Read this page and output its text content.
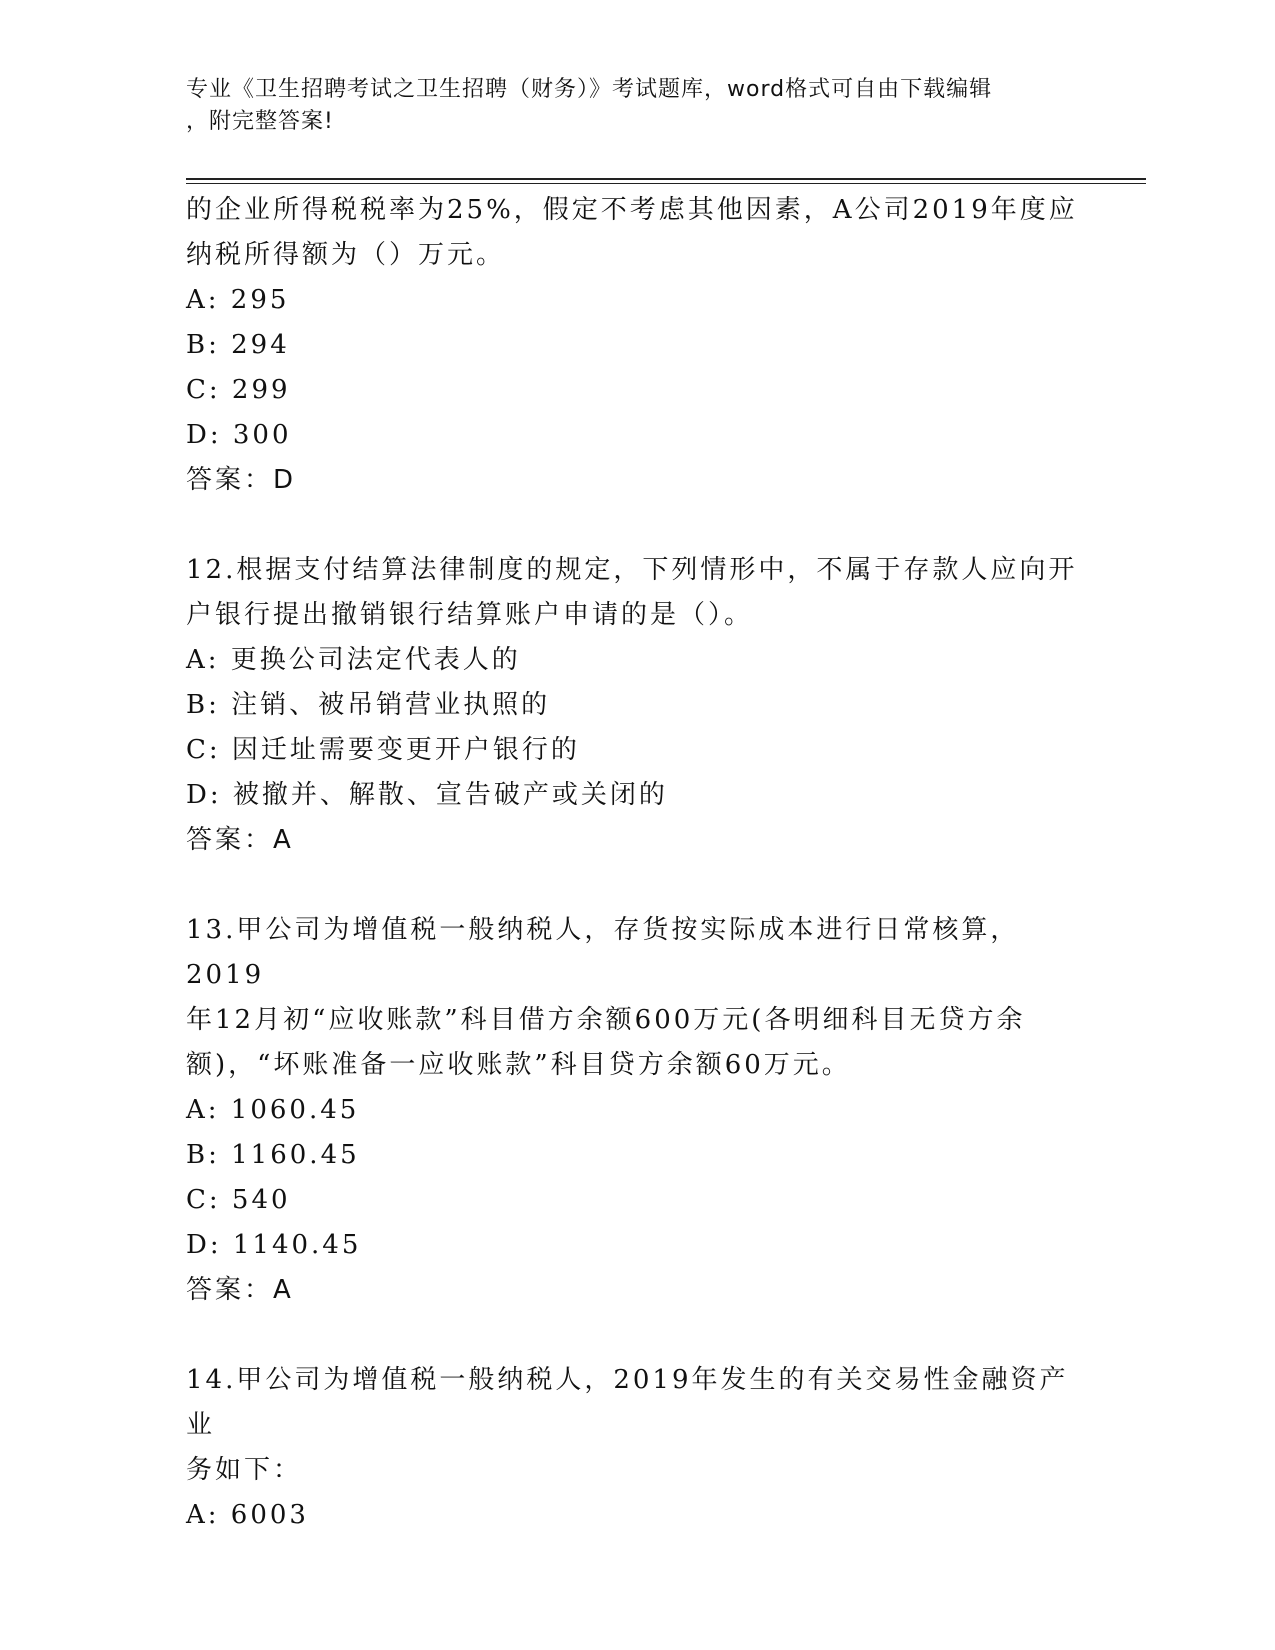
专业《卫生招聘考试之卫生招聘（财务）》考试题库，word格式可自由下载编辑
，附完整答案!

的企业所得税税率为25%，假定不考虑其他因素，A公司2019年度应

纳税所得额为（）万元。

A: 295

B: 294

C: 299

D: 300

答案：D

12.根据支付结算法律制度的规定，下列情形中，不属于存款人应向开

户银行提出撤销银行结算账户申请的是（）。

A: 更换公司法定代表人的

B: 注销、被吊销营业执照的

C: 因迁址需要变更开户银行的

D: 被撤并、解散、宣告破产或关闭的

答案：A

13.甲公司为增值税一般纳税人，存货按实际成本进行日常核算，2019

年12月初“应收账款”科目借方余额600万元(各明细科目无贷方余

额)，“坏账准备一应收账款”科目贷方余额60万元。

A: 1060.45

B: 1160.45

C: 540

D: 1140.45

答案：A

14.甲公司为增值税一般纳税人，2019年发生的有关交易性金融资产业

务如下：

A: 6003
